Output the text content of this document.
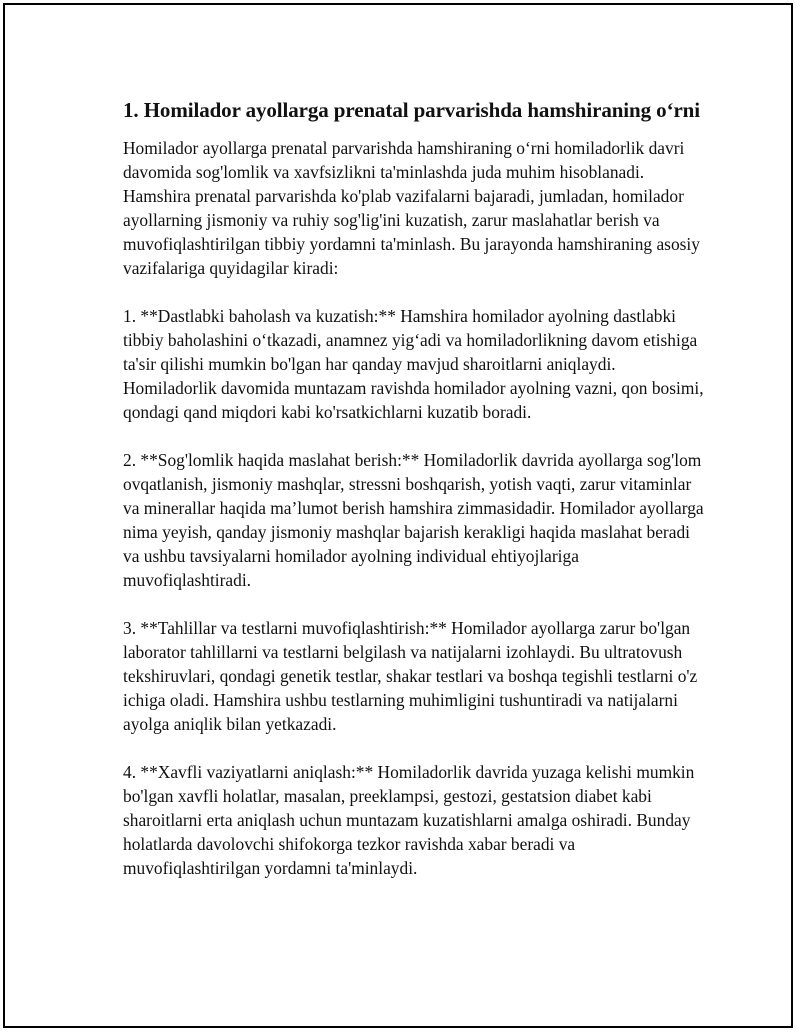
1. Homilador ayollarga prenatal parvarishda hamshiraning o‘rni

Homilador ayollarga prenatal parvarishda hamshiraning o‘rni homiladorlik davri davomida sog'lomlik va xavfsizlikni ta'minlashda juda muhim hisoblanadi. Hamshira prenatal parvarishda ko'plab vazifalarni bajaradi, jumladan, homilador ayollarning jismoniy va ruhiy sog'lig'ini kuzatish, zarur maslahatlar berish va muvofiqlashtirilgan tibbiy yordamni ta'minlash. Bu jarayonda hamshiraning asosiy vazifalariga quyidagilar kiradi:

1. **Dastlabki baholash va kuzatish:** Hamshira homilador ayolning dastlabki tibbiy baholashini o‘tkazadi, anamnez yig‘adi va homiladorlikning davom etishiga ta'sir qilishi mumkin bo'lgan har qanday mavjud sharoitlarni aniqlaydi. Homiladorlik davomida muntazam ravishda homilador ayolning vazni, qon bosimi, qondagi qand miqdori kabi ko'rsatkichlarni kuzatib boradi.

2. **Sog'lomlik haqida maslahat berish:** Homiladorlik davrida ayollarga sog'lom ovqatlanish, jismoniy mashqlar, stressni boshqarish, yotish vaqti, zarur vitaminlar va minerallar haqida ma’lumot berish hamshira zimmasidadir. Homilador ayollarga nima yeyish, qanday jismoniy mashqlar bajarish kerakligi haqida maslahat beradi va ushbu tavsiyalarni homilador ayolning individual ehtiyojlariga muvofiqlashtiradi.

3. **Tahlillar va testlarni muvofiqlashtirish:** Homilador ayollarga zarur bo'lgan laborator tahlillarni va testlarni belgilash va natijalarni izohlaydi. Bu ultratovush tekshiruvlari, qondagi genetik testlar, shakar testlari va boshqa tegishli testlarni o'z ichiga oladi. Hamshira ushbu testlarning muhimligini tushuntiradi va natijalarni ayolga aniqlik bilan yetkazadi.

4. **Xavfli vaziyatlarni aniqlash:** Homiladorlik davrida yuzaga kelishi mumkin bo'lgan xavfli holatlar, masalan, preeklampsi, gestozi, gestatsion diabet kabi sharoitlarni erta aniqlash uchun muntazam kuzatishlarni amalga oshiradi. Bunday holatlarda davolovchi shifokorga tezkor ravishda xabar beradi va muvofiqlashtirilgan yordamni ta'minlaydi.
